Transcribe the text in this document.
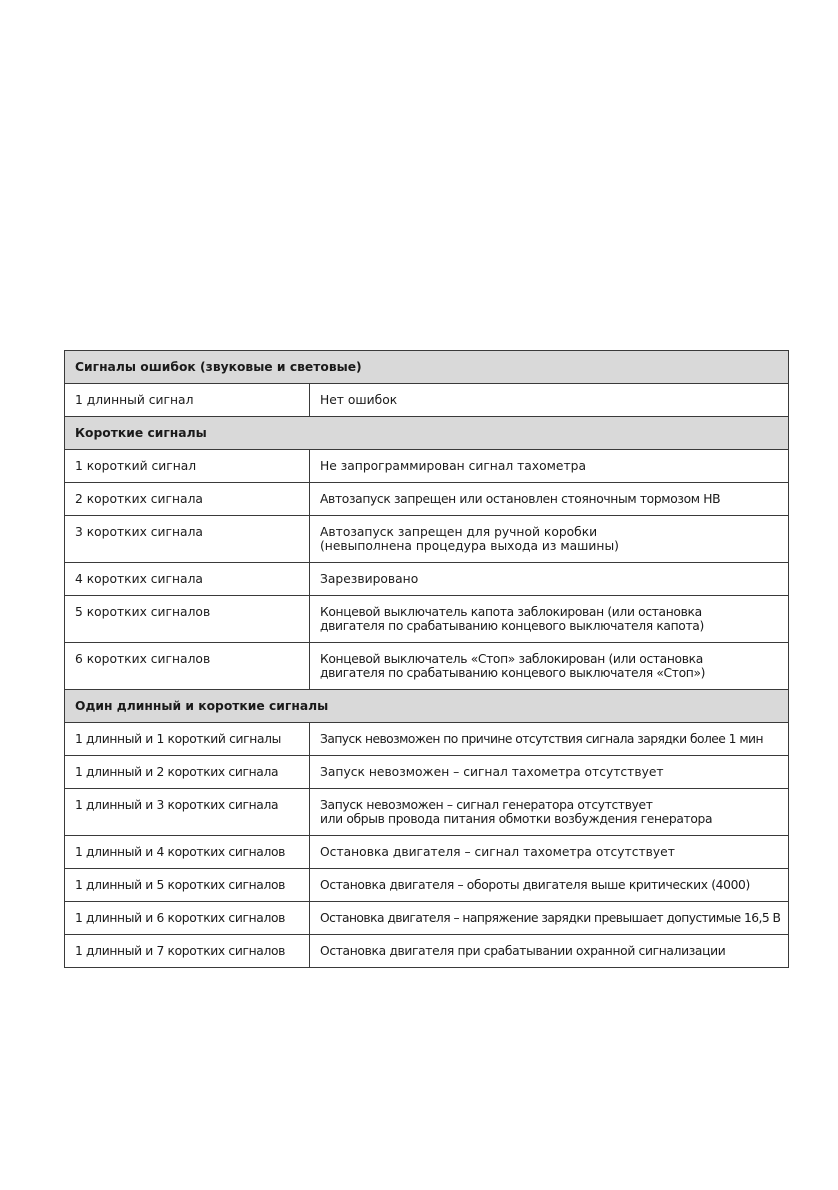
Сигналы ошибок (звуковые и световые)	
1 длинный сигнал	Нет ошибок
Короткие сигналы	
1 короткий сигнал	Не запрограммирован сигнал тахометра
2 коротких сигнала	Автозапуск запрещен или остановлен стояночным тормозом НВ
3 коротких сигнала	Автозапуск запрещен для ручной коробки
(невыполнена процедура выхода из машины)
4 коротких сигнала	Зарезвировано
5 коротких сигналов	Концевой выключатель капота заблокирован (или остановка
двигателя по срабатыванию концевого выключателя капота)
6 коротких сигналов	Концевой выключатель «Стоп» заблокирован (или остановка
двигателя по срабатыванию концевого выключателя «Стоп»)
Один длинный и короткие сигналы	
1 длинный и 1 короткий сигналы	Запуск невозможен по причине отсутствия сигнала зарядки более 1 мин
1 длинный и 2 коротких сигнала	Запуск невозможен – сигнал тахометра отсутствует
1 длинный и 3 коротких сигнала	Запуск невозможен – сигнал генератора отсутствует
или обрыв провода питания обмотки возбуждения генератора
1 длинный и 4 коротких сигналов	Остановка двигателя – сигнал тахометра отсутствует
1 длинный и 5 коротких сигналов	Остановка двигателя – обороты двигателя выше критических (4000)
1 длинный и 6 коротких сигналов	Остановка двигателя – напряжение зарядки превышает допустимые 16,5 В
1 длинный и 7 коротких сигналов	Остановка двигателя при срабатывании охранной сигнализации
